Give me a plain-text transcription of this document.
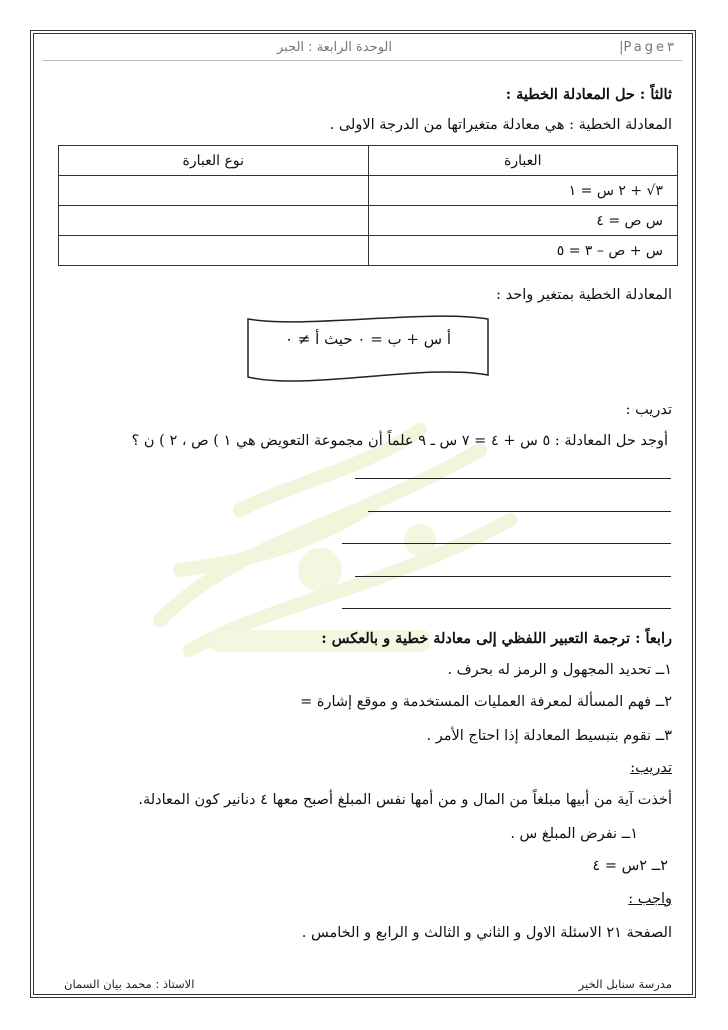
Page٣|
الوحدة الرابعة : الجبر
ثالثاً : حل المعادلة الخطية :
المعادلة الخطية : هي معادلة متغيراتها من الدرجة الاولى .
العبارة	نوع العبارة
٣√ + ٢ س = ١	
س ص = ٤	
س + ص – ٣ = ٥	
المعادلة الخطية بمتغير واحد :
أ س + ب = ٠ حيث أ ≠ ٠
تدريب :
أوجد حل المعادلة : ٥ س + ٤ = ٧ س ـ ٩ علماً أن مجموعة التعويض هي ١ ) ص ، ٢ ) ن ؟
رابعاً : ترجمة التعبير اللفظي إلى معادلة خطية و بالعكس :
١ــ تحديد المجهول و الرمز له بحرف .
٢ــ فهم المسألة لمعرفة العمليات المستخدمة و موقع إشارة =
٣ــ نقوم بتبسيط المعادلة إذا احتاج الأمر .
تدريب:
أخذت آية من أبيها مبلغاً من المال و من أمها نفس المبلغ أصبح معها ٤ دنانير كون المعادلة.
١ــ نفرض المبلغ س .
٢ــ ٢س = ٤
واجب :
الصفحة ٢١ الاسئلة الاول و الثاني و الثالث و الرابع و الخامس .
مدرسة سنابل الخير
الاستاذ : محمد بيان السمان
